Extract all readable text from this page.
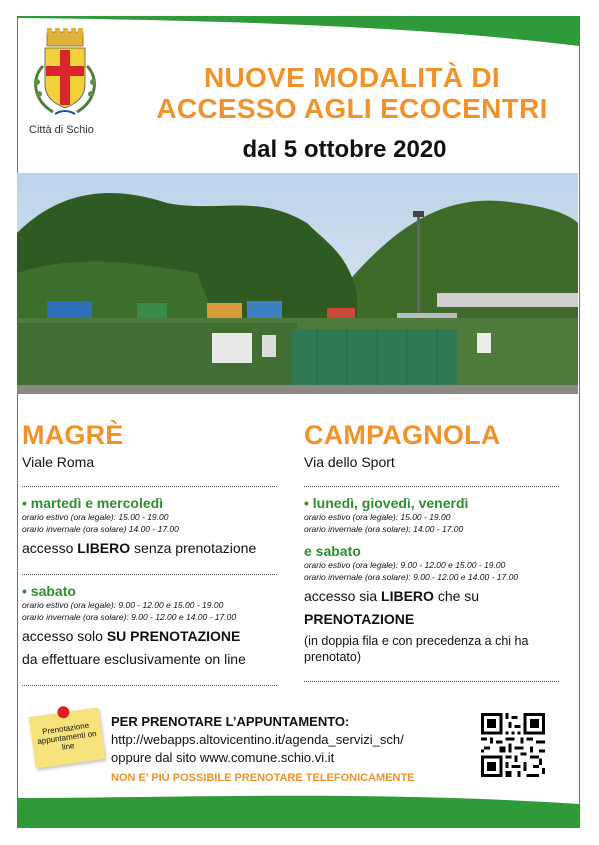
Città di Schio
NUOVE MODALITÀ DI
ACCESSO AGLI ECOCENTRI
dal 5 ottobre 2020
MAGRÈ
Viale Roma
• martedì e mercoledì
orario estivo (ora legale): 15.00 - 19.00
orario invernale (ora solare) 14.00 - 17.00
accesso LIBERO senza prenotazione
• sabato
orario estivo (ora legale): 9.00 - 12.00 e 15.00 - 19.00
orario invernale (ora solare): 9.00 - 12.00 e 14.00 - 17.00
accesso solo SU PRENOTAZIONE
da effettuare esclusivamente on line
CAMPAGNOLA
Via dello Sport
• lunedì, giovedì, venerdì
orario estivo (ora legale): 15.00 - 19.00
orario invernale (ora solare): 14.00 - 17.00
e sabato
orario estivo (ora legale): 9.00 - 12.00 e 15.00 - 19.00
orario invernale (ora solare): 9.00 - 12.00 e 14.00 - 17.00
accesso sia LIBERO che su
PRENOTAZIONE
(in doppia fila e con precedenza a chi ha prenotato)
Prenotazione appuntamenti on line
PER PRENOTARE L’APPUNTAMENTO:
http://webapps.altovicentino.it/agenda_servizi_sch/
oppure dal sito www.comune.schio.vi.it
NON E’ PIÙ POSSIBILE PRENOTARE TELEFONICAMENTE
